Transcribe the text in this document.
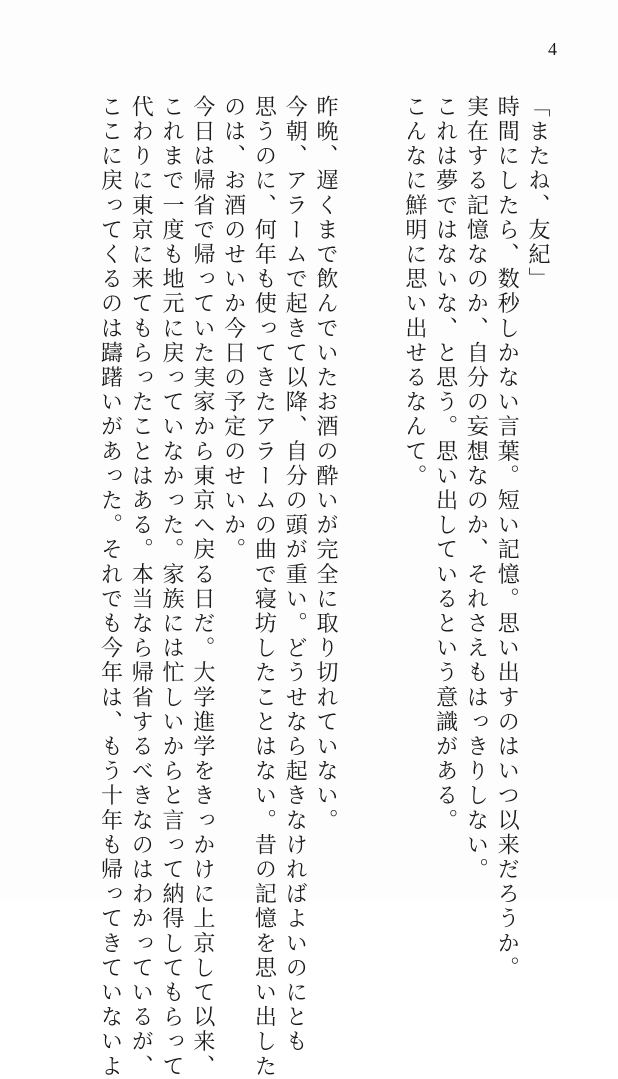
4
「またね、友紀」
時間にしたら、数秒しかない言葉。短い記憶。思い出すのはいつ以来だろうか。
実在する記憶なのか、自分の妄想なのか、それさえもはっきりしない。
これは夢ではないな、と思う。思い出しているという意識がある。
こんなに鮮明に思い出せるなんて。
昨晩、遅くまで飲んでいたお酒の酔いが完全に取り切れていない。
今朝、アラームで起きて以降、自分の頭が重い。どうせなら起きなければよいのにとも
思うのに、何年も使ってきたアラームの曲で寝坊したことはない。昔の記憶を思い出した
のは、お酒のせいか今日の予定のせいか。
今日は帰省で帰っていた実家から東京へ戻る日だ。大学進学をきっかけに上京して以来、
これまで一度も地元に戻っていなかった。家族には忙しいからと言って納得してもらって
代わりに東京に来てもらったことはある。本当なら帰省するべきなのはわかっているが、
ここに戻ってくるのは躊躇いがあった。それでも今年は、もう十年も帰ってきていないよ
